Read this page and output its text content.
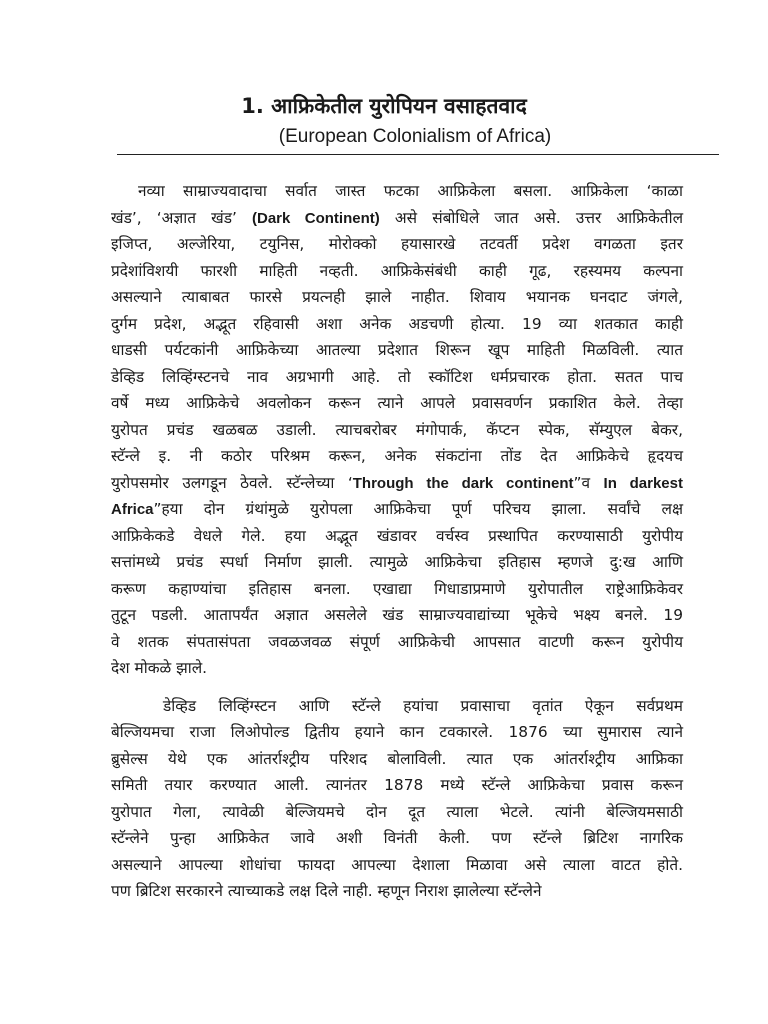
1. आफ्रिकेतील युरोपियन वसाहतवाद
(European Colonialism of Africa)
नव्या साम्राज्यवादाचा सर्वात जास्त फटका आफ्रिकेला बसला. आफ्रिकेला ‘काळा
खंड’, ‘अज्ञात खंड’ (Dark Continent) असे संबोधिले जात असे. उत्तर आफ्रिकेतील
इजिप्त, अल्जेरिया, टयुनिस, मोरोक्को हयासारखे तटवर्ती प्रदेश वगळता इतर
प्रदेशांविशयी फारशी माहिती नव्हती. आफ्रिकेसंबंधी काही गूढ, रहस्यमय कल्पना
असल्याने त्याबाबत फारसे प्रयत्नही झाले नाहीत. शिवाय भयानक घनदाट जंगले,
दुर्गम प्रदेश, अद्भूत रहिवासी अशा अनेक अडचणी होत्या. 19 व्या शतकात काही
धाडसी पर्यटकांनी आफ्रिकेच्या आतल्या प्रदेशात शिरून खूप माहिती मिळविली. त्यात
डेव्हिड लिव्हिंग्स्टनचे नाव अग्रभागी आहे. तो स्कॉटिश धर्मप्रचारक होता. सतत पाच
वर्षे मध्य आफ्रिकेचे अवलोकन करून त्याने आपले प्रवासवर्णन प्रकाशित केले. तेव्हा
युरोपत प्रचंड खळबळ उडाली. त्याचबरोबर मंगोपार्क, कॅप्टन स्पेक, सॅम्युएल बेकर,
स्टॅन्ले इ. नी कठोर परिश्रम करून, अनेक संकटांना तोंड देत आफ्रिकेचे हृदयच
युरोपसमोर उलगडून ठेवले. स्टॅन्लेच्या ‘Through the dark continent”व In darkest
Africa”हया दोन ग्रंथांमुळे युरोपला आफ्रिकेचा पूर्ण परिचय झाला. सर्वांचे लक्ष
आफ्रिकेकडे वेधले गेले. हया अद्भूत खंडावर वर्चस्व प्रस्थापित करण्यासाठी युरोपीय
सत्तांमध्ये प्रचंड स्पर्धा निर्माण झाली. त्यामुळे आफ्रिकेचा इतिहास म्हणजे दु:ख आणि
करूण कहाण्यांचा इतिहास बनला. एखाद्या गिधाडाप्रमाणे युरोपातील राष्ट्रेआफ्रिकेवर
तुटून पडली. आतापर्यंत अज्ञात असलेले खंड साम्राज्यवाद्यांच्या भूकेचे भक्ष्य बनले. 19
वे शतक संपतासंपता जवळजवळ संपूर्ण आफ्रिकेची आपसात वाटणी करून युरोपीय
देश मोकळे झाले.
डेव्हिड लिव्हिंग्स्टन आणि स्टॅन्ले हयांचा प्रवासाचा वृतांत ऐकून सर्वप्रथम
बेल्जियमचा राजा लिओपोल्ड द्वितीय हयाने कान टवकारले. 1876 च्या सुमारास त्याने
ब्रुसेल्स येथे एक आंतर्राश्ट्रीय परिशद बोलाविली. त्यात एक आंतर्राश्ट्रीय आफ्रिका
समिती तयार करण्यात आली. त्यानंतर 1878 मध्ये स्टॅन्ले आफ्रिकेचा प्रवास करून
युरोपात गेला, त्यावेळी बेल्जियमचे दोन दूत त्याला भेटले. त्यांनी बेल्जियमसाठी
स्टॅन्लेने पुन्हा आफ्रिकेत जावे अशी विनंती केली. पण स्टॅन्ले ब्रिटिश नागरिक
असल्याने आपल्या शोधांचा फायदा आपल्या देशाला मिळावा असे त्याला वाटत होते.
पण ब्रिटिश सरकारने त्याच्याकडे लक्ष दिले नाही. म्हणून निराश झालेल्या स्टॅन्लेने
